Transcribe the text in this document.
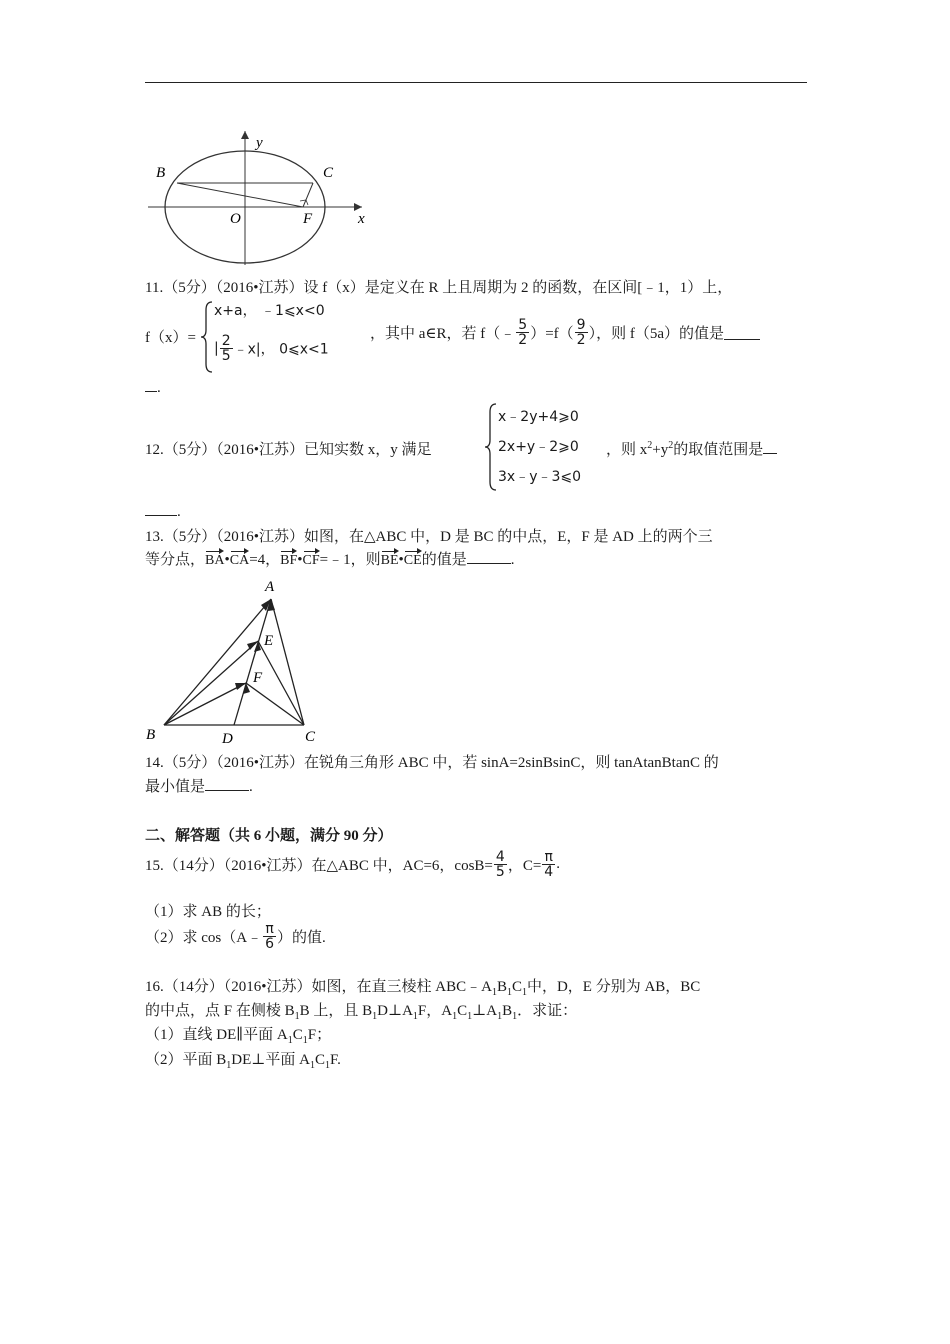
B	C
O	F	x
y
11.（5分）（2016•江苏）设 f（x）是定义在 R 上且周期为 2 的函数，在区间[﹣1，1）上，
f（x）=
x+a， ﹣1⩽x<0
| $\frac{2}{5}$ ﹣x|， 0⩽x<1
，其中 a∈R，若 f（﹣ $\frac{5}{2} )=f( \frac{9}{2}$ ），则 f（5a）的值是
.
12.（5分）（2016•江苏）已知实数 x，y 满足
x﹣2y+4⩾0
2x+y﹣2⩾0
3x﹣y﹣3⩽0
，则 $x^2+y^2$的取值范围是
.
13.（5分）（2016•江苏）如图，在△ABC 中，D 是 BC 的中点，E，F 是 AD 上的两个三
等分点，BA•CA=4，BF•CF=﹣1，则BE•CE的值是	.
A
B	C
D
E
F
14.（5分）（2016•江苏）在锐角三角形 ABC 中，若 sinA=2sinBsinC，则 tanAtanBtanC 的
最小值是	.
二、解答题（共 6 小题，满分 90 分）
15.（14分）（2016•江苏）在△ABC 中，AC=6，$\cos B= \frac{4}{5}$ ，$C= \frac{\pi}{4}$ .
（1）求 AB 的长；
（2）求 cos（A﹣ $\frac{\pi}{6}$ ）的值.
16.（14分）（2016•江苏）如图，在直三棱柱 $ABC﹣A_1B_1C_1$中，D，E 分别为 AB，BC
的中点，点 F 在侧棱 $B_1B$ 上，且 $B_1D\perp A_1F$，$A_1C_1\perp A_1B_1$．求证：
（1）直线 DE∥平面 $A_1C_1F$；
（2）平面 $B_1DE\perp$平面 $A_1C_1F$.
